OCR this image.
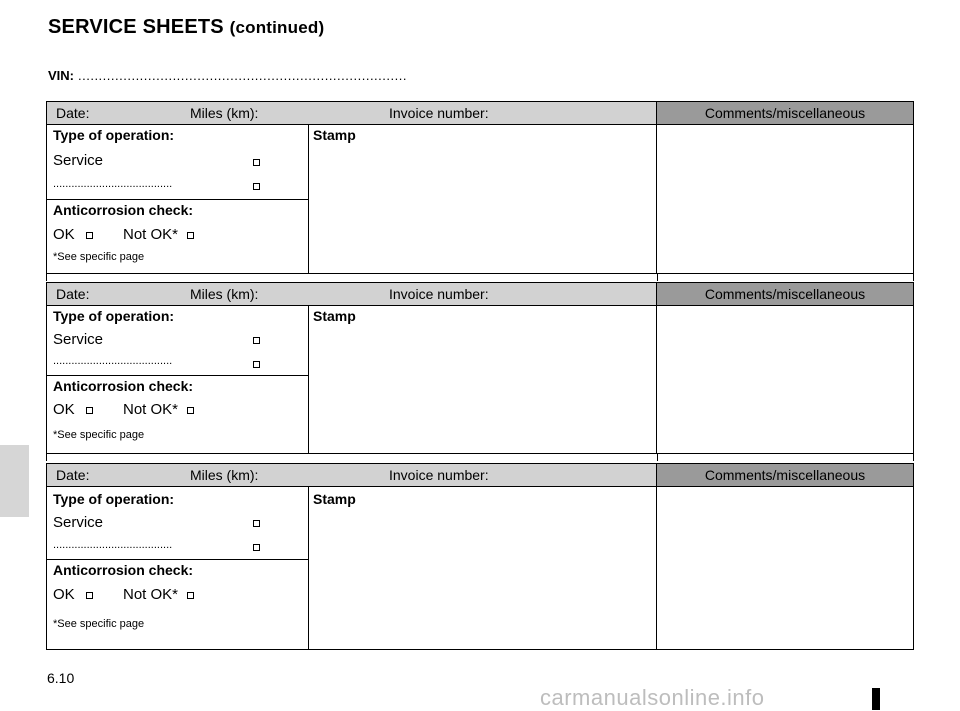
SERVICE SHEETS (continued)
VIN: ................................................................................
Date:	Miles (km):	Invoice number:	Comments/miscellaneous
Type of operation:
Service
.......................................
Anticorrosion check:
OK	Not OK*
*See specific page
Stamp
Date:	Miles (km):	Invoice number:	Comments/miscellaneous
Type of operation:
Service
.......................................
Anticorrosion check:
OK	Not OK*
*See specific page
Stamp
Date:	Miles (km):	Invoice number:	Comments/miscellaneous
Type of operation:
Service
.......................................
Anticorrosion check:
OK	Not OK*
*See specific page
Stamp
6.10
carmanualsonline.info
